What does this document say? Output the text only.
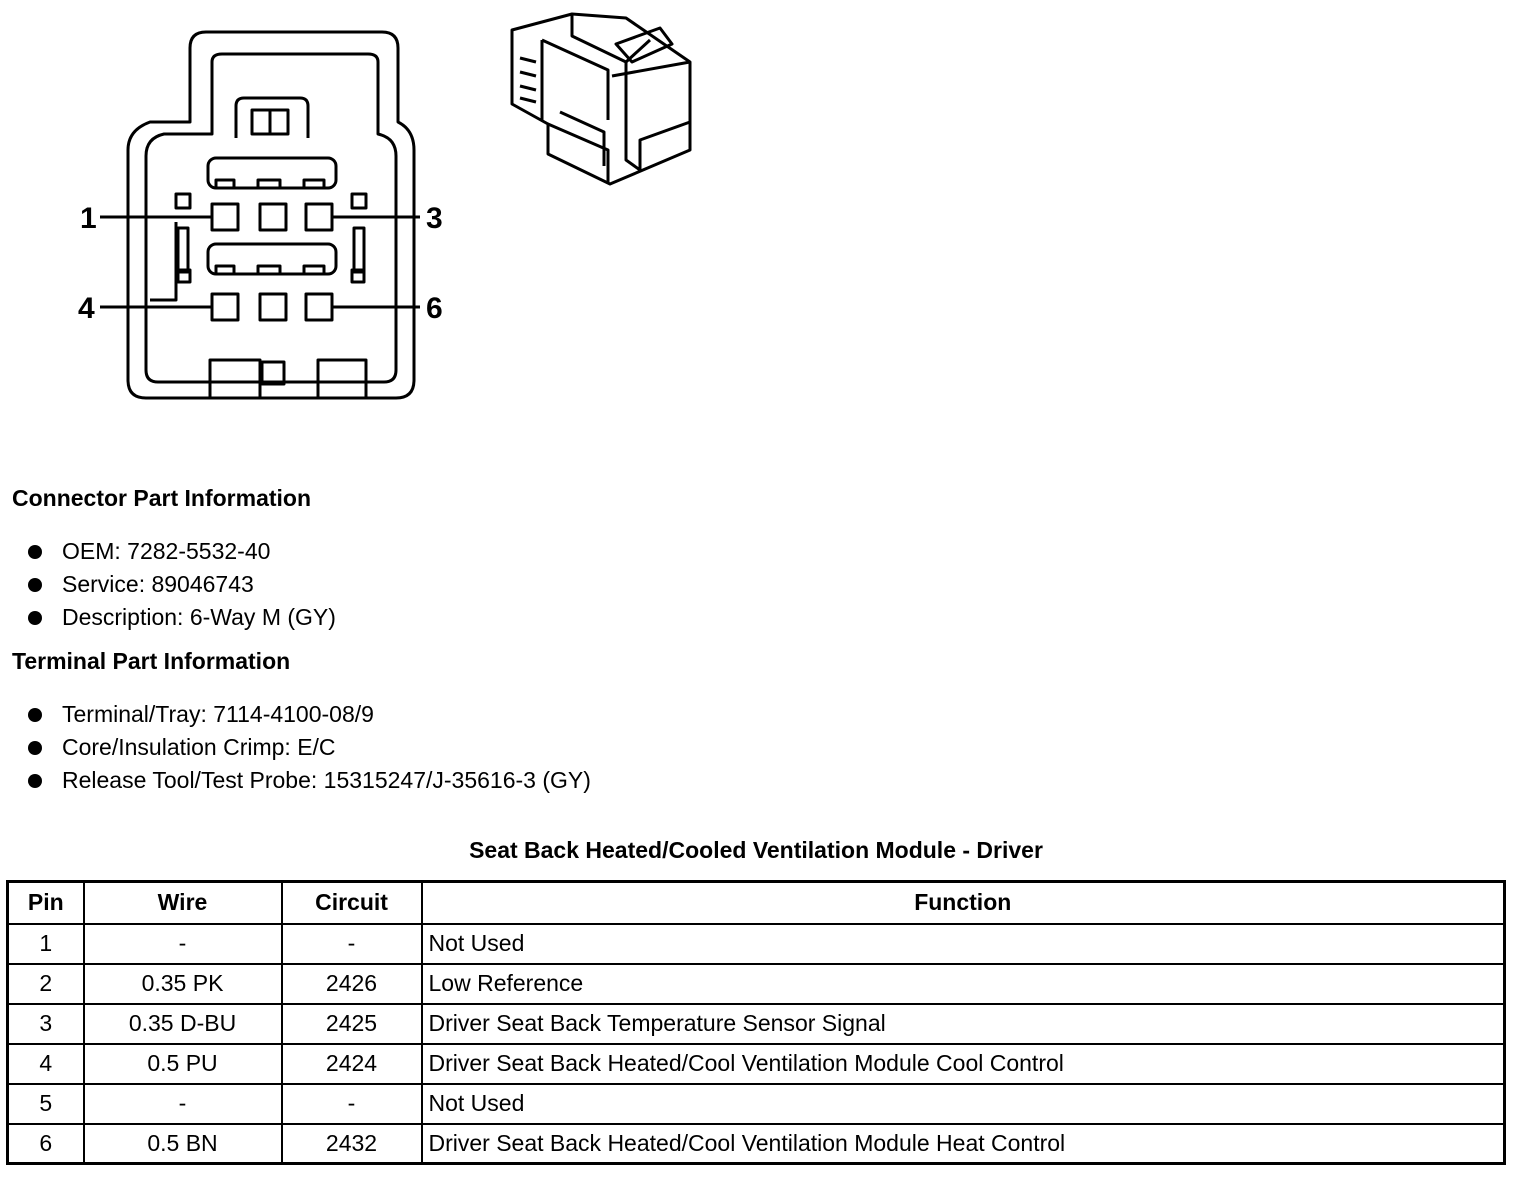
1	3
4	6
Connector Part Information
OEM: 7282-5532-40
Service: 89046743
Description: 6-Way M (GY)
Terminal Part Information
Terminal/Tray: 7114-4100-08/9
Core/Insulation Crimp: E/C
Release Tool/Test Probe: 15315247/J-35616-3 (GY)
Seat Back Heated/Cooled Ventilation Module - Driver
Pin	Wire	Circuit	Function
1	-	-	Not Used
2	0.35 PK	2426	Low Reference
3	0.35 D-BU	2425	Driver Seat Back Temperature Sensor Signal
4	0.5 PU	2424	Driver Seat Back Heated/Cool Ventilation Module Cool Control
5	-	-	Not Used
6	0.5 BN	2432	Driver Seat Back Heated/Cool Ventilation Module Heat Control
